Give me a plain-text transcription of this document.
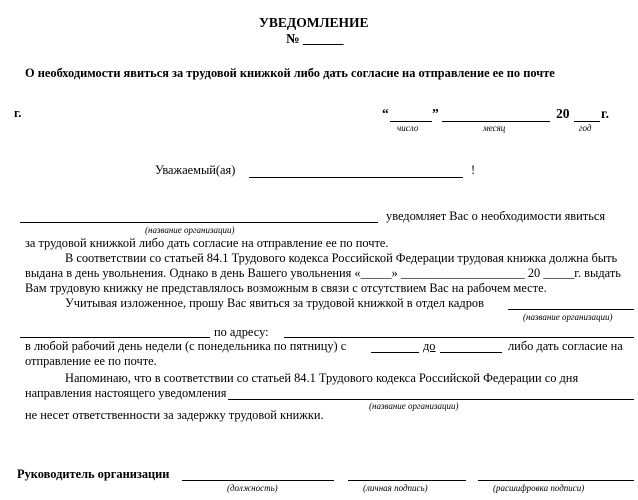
УВЕДОМЛЕНИЕ
№ ______
О необходимости явиться за трудовой книжкой либо дать согласие на отправление ее по почте
г.	“	”	20 г.
число	месяц	год
Уважаемый(ая)	!
уведомляет Вас о необходимости явиться
(название организации)
за трудовой книжкой либо дать согласие на отправление ее по почте.
В соответствии со статьей 84.1 Трудового кодекса Российской Федерации трудовая книжка должна быть
выдана в день увольнения. Однако в день Вашего увольнения «_____» ____________________ 20 _____г. выдать
Вам трудовую книжку не представлялось возможным в связи с отсутствием Вас на рабочем месте.
Учитывая изложенное, прошу Вас явиться за трудовой книжкой в отдел кадров
(название организации)
по адресу:
в любой рабочий день недели (с понедельника по пятницу) с	до	либо дать согласие на
отправление ее по почте.
Напоминаю, что в соответствии со статьей 84.1 Трудового кодекса Российской Федерации со дня
направления настоящего уведомления
(название организации)
не несет ответственности за задержку трудовой книжки.
Руководитель организации
(должность)	(личная подпись)	(расшифровка подписи)
